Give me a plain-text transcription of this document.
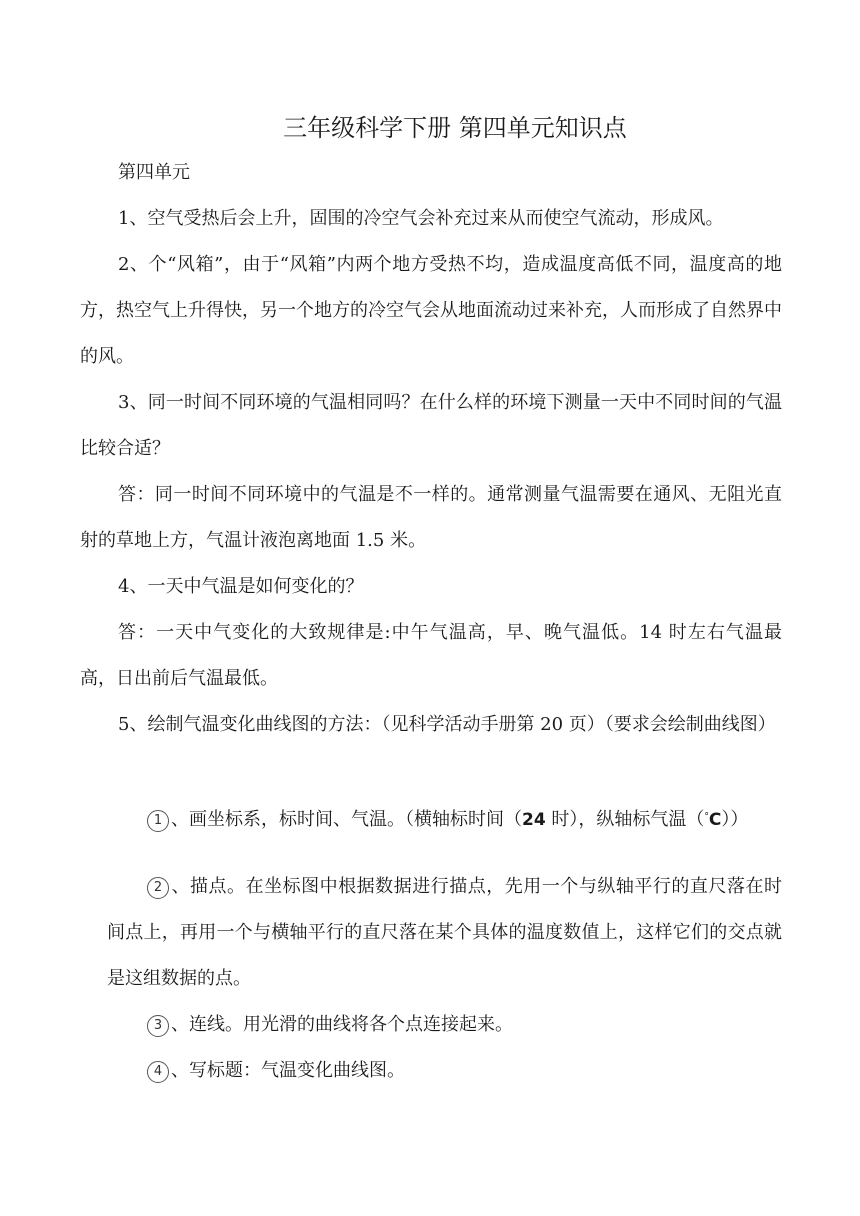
三年级科学下册 第四单元知识点
第四单元
1、空气受热后会上升，固围的冷空气会补充过来从而使空气流动，形成风。
2、个“风箱”，由于“风箱”内两个地方受热不均，造成温度高低不同，温度高的地方，热空气上升得快，另一个地方的冷空气会从地面流动过来补充，人而形成了自然界中的风。
3、同一时间不同环境的气温相同吗？在什么样的环境下测量一天中不同时间的气温比较合适？
答：同一时间不同环境中的气温是不一样的。通常测量气温需要在通风、无阻光直射的草地上方，气温计液泡离地面 1.5 米。
4、一天中气温是如何变化的？
答：一天中气变化的大致规律是:中午气温高，早、晚气温低。14 时左右气温最高，日出前后气温最低。
5、绘制气温变化曲线图的方法：（见科学活动手册第 20 页）（要求会绘制曲线图）
1 、画坐标系，标时间、气温。（横轴标时间（24 时），纵轴标气温（°C））
2 、描点。在坐标图中根据数据进行描点，先用一个与纵轴平行的直尺落在时间点上，再用一个与横轴平行的直尺落在某个具体的温度数值上，这样它们的交点就是这组数据的点。
3 、连线。用光滑的曲线将各个点连接起来。
4 、写标题：气温变化曲线图。
